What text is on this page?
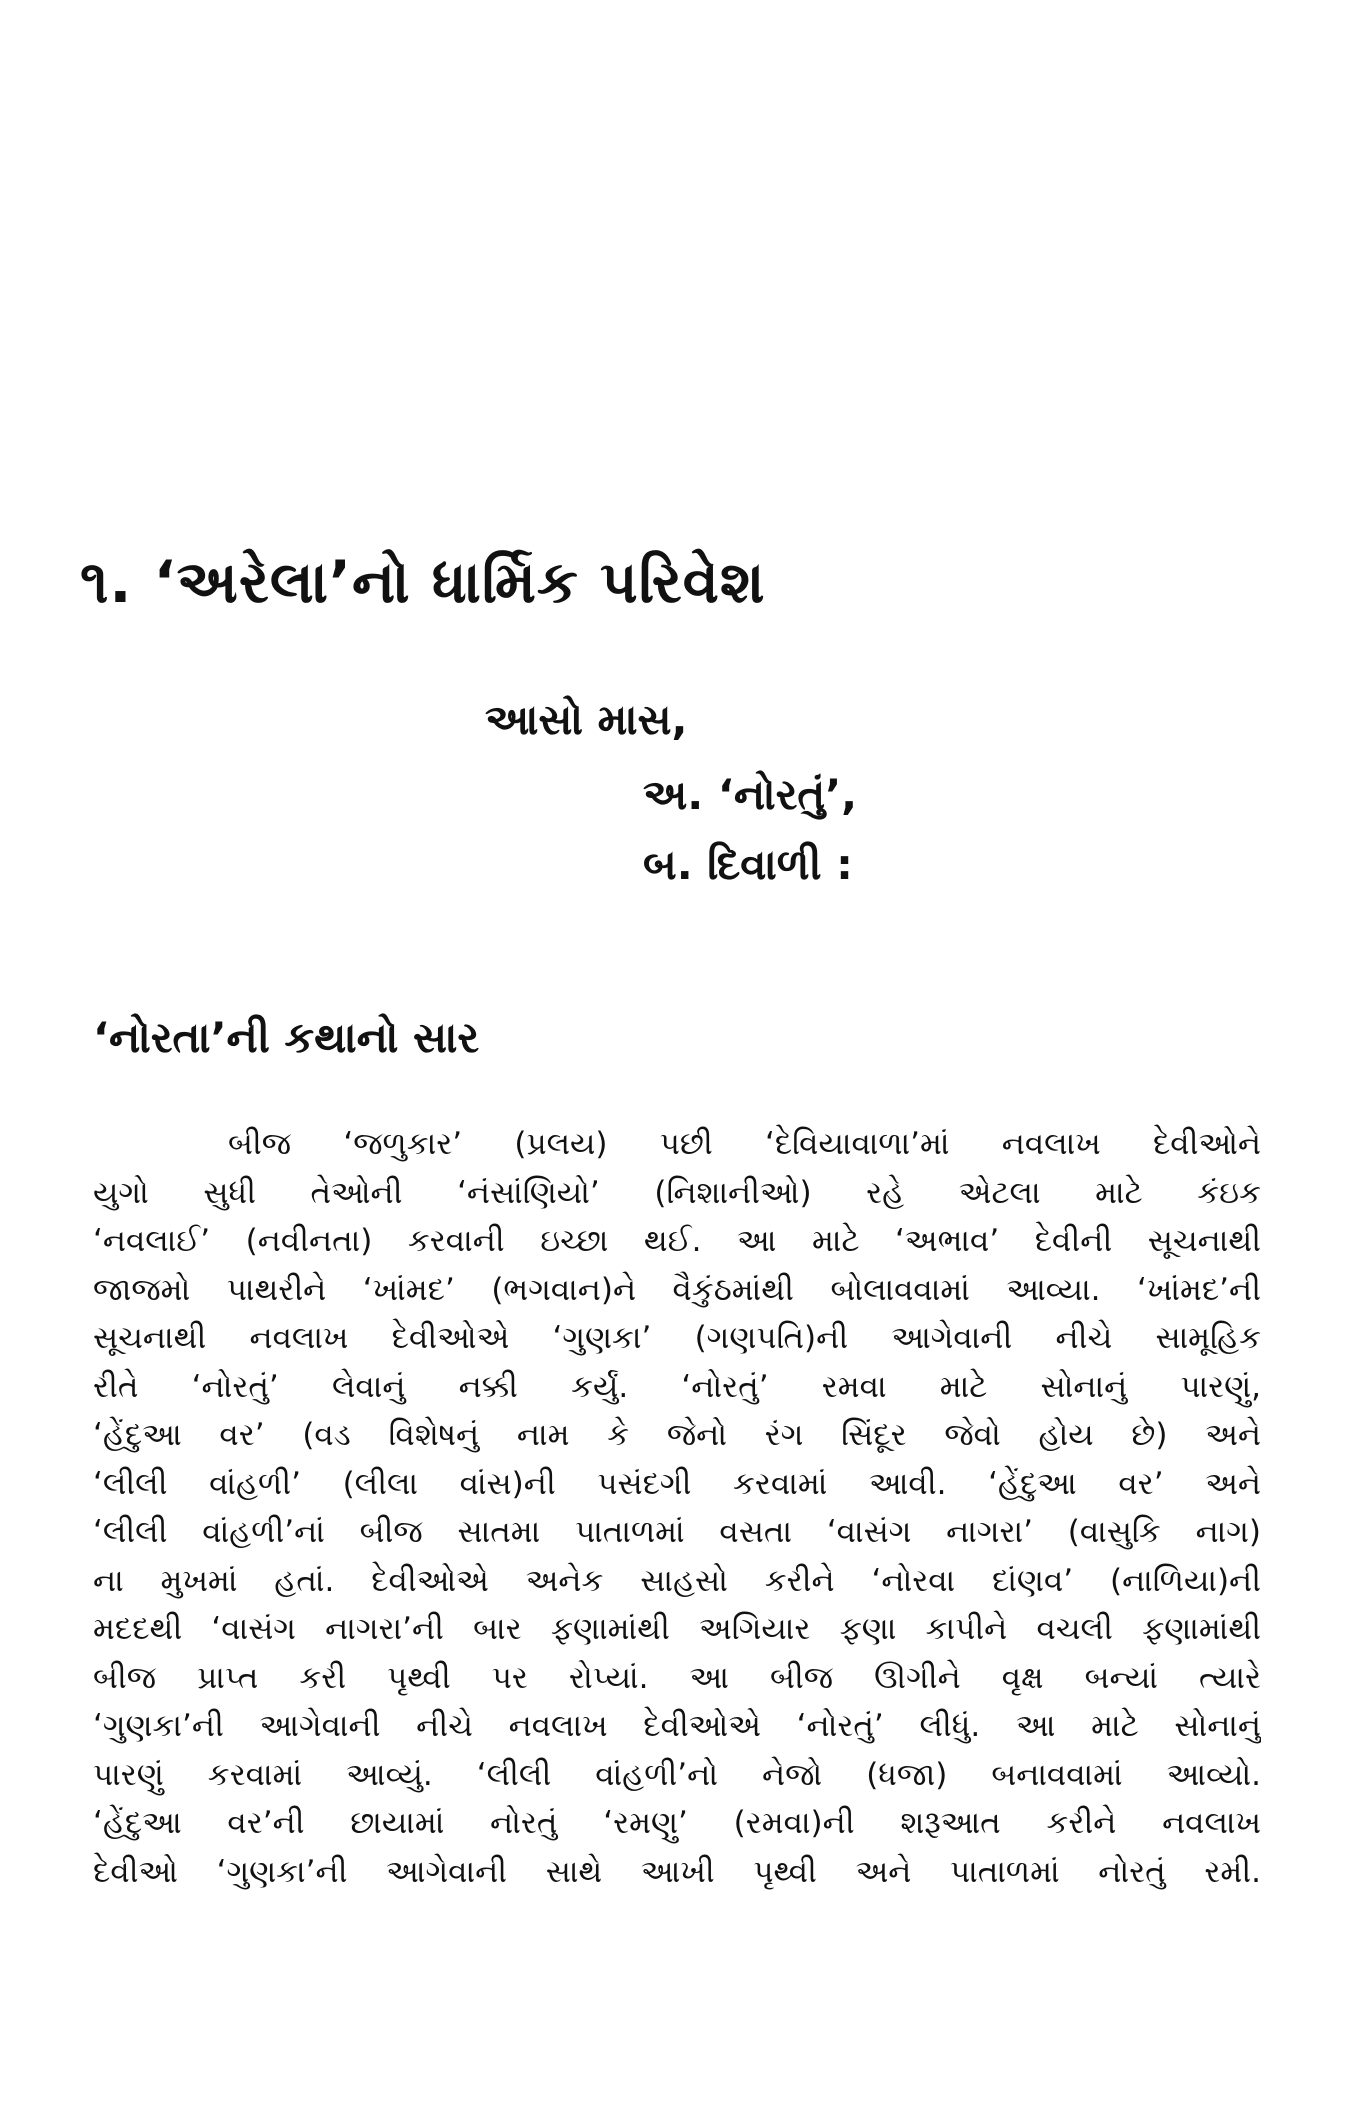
૧. ‘અરેલા’નો ધાર્મિક પરિવેશ
આસો માસ,
અ. ‘નોરતું’,
બ. દિવાળી :
‘નોરતા’ની કથાનો સાર
બીજ ‘જળુકાર’ (પ્રલય) પછી ‘દેવિયાવાળા’માં નવલાખ દેવીઓને
યુગો સુધી તેઓની ‘નંસાંણિયો’ (નિશાનીઓ) રહે એટલા માટે કંઇક
‘નવલાઈ’ (નવીનતા) કરવાની ઇચ્છા થઈ. આ માટે ‘અભાવ’ દેવીની સૂચનાથી
જાજમો પાથરીને ‘ખાંમદ’ (ભગવાન)ને વૈકુંઠમાંથી બોલાવવામાં આવ્યા. ‘ખાંમદ’ની
સૂચનાથી નવલાખ દેવીઓએ ‘ગુણકા’ (ગણપતિ)ની આગેવાની નીચે સામૂહિક
રીતે ‘નોરતું’ લેવાનું નક્કી કર્યું. ‘નોરતું’ રમવા માટે સોનાનું પારણું,
‘હેંદુઆ વર’ (વડ વિશેષનું નામ કે જેનો રંગ સિંદૂર જેવો હોય છે) અને
‘લીલી વાંહળી’ (લીલા વાંસ)ની પસંદગી કરવામાં આવી. ‘હેંદુઆ વર’ અને
‘લીલી વાંહળી’નાં બીજ સાતમા પાતાળમાં વસતા ‘વાસંગ નાગરા’ (વાસુકિ નાગ)
ના મુખમાં હતાં. દેવીઓએ અનેક સાહસો કરીને ‘નોરવા દાંણવ’ (નાળિયા)ની
મદદથી ‘વાસંગ નાગરા’ની બાર ફણામાંથી અગિયાર ફણા કાપીને વચલી ફણામાંથી
બીજ પ્રાપ્ત કરી પૃથ્વી પર રોપ્યાં. આ બીજ ઊગીને વૃક્ષ બન્યાં ત્યારે
‘ગુણકા’ની આગેવાની નીચે નવલાખ દેવીઓએ ‘નોરતું’ લીધું. આ માટે સોનાનું
પારણું કરવામાં આવ્યું. ‘લીલી વાંહળી’નો નેજો (ધજા) બનાવવામાં આવ્યો.
‘હેંદુઆ વર’ની છાયામાં નોરતું ‘રમણુ’ (રમવા)ની શરૂઆત કરીને નવલાખ
દેવીઓ ‘ગુણકા’ની આગેવાની સાથે આખી પૃથ્વી અને પાતાળમાં નોરતું રમી.
